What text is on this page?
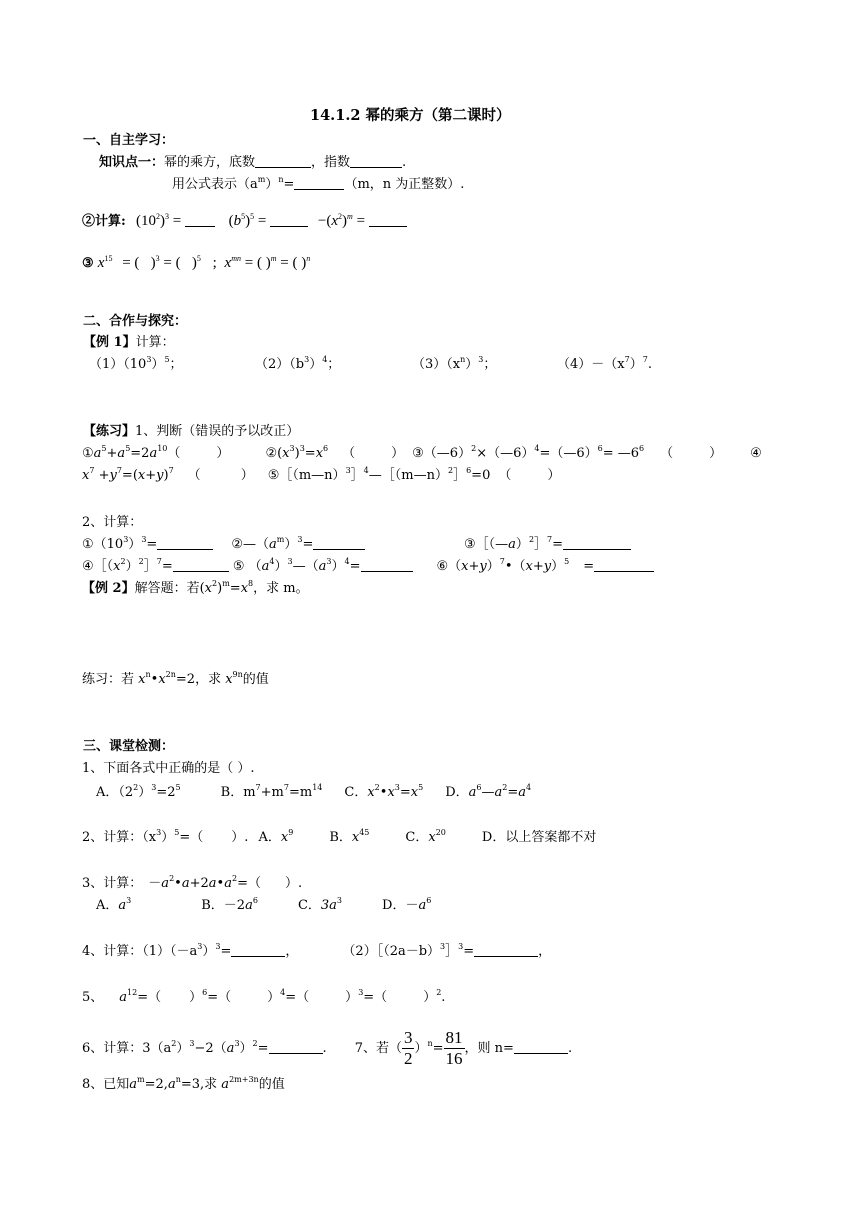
14.1.2 幂的乘方（第二课时）
一、自主学习：
知识点一：幂的乘方，底数	，指数	.
用公式表示$(a^m)^n=$	（m，n 为正整数）.
②计算: $(10^2)^3$ =	$(b^5)^5$ =	$-(x^2)^m$ =
③ $x^{15}$ = (   )$^3$ = (   )$^5$ ; $x^{mn}$ = ( )$^m$ = ( )$^n$
二、合作与探究：
【例 1】计算：
$(1)(10^3)^5$；	$(2)(b^3)^4$；	$(3)(x^n)^3$；	$(4)-(x^7)^7$.
【练习】1、判断（错误的予以改正）
$①a^5+a^5=2a^{10}$（	）	$②(x^3)^3=x^6$ （	） ③（—6）$^2$×（—6）$^4$=（—6）$^6$= $—6^6$ （	） ④
$x^7 +y^7=(x+y)^7$ （	） ⑤［（m—n）$^3$］$^4$—［（m—n）$^2$］$^6$=0 （	）
2、计算：
$①(10^3)^3=$	$②—(a^m)^3=$	③［（—a）$^2$］$^7$=
$④[(x^2)^2]^7=$	⑤ $(a^4)^3—(a^3)^4=$	$⑥(x+y)^7•(x+y)^5$ =
【例 2】解答题：若$(x^2)^m=x^8$，求 m。
练习：若 $x^n•x^{2n}=2$，求 $x^{9n}$的值
三、课堂检测：
1、下面各式中正确的是（ ）.
A．$(2^2)^3=2^5$	B．$m^7+m^7=m^{14}$ C．$x^2•x^3=x^5$ D．$a^6—a^2=a^4$
2、计算：$(x^3)^5=$（ ）. A．$x^9$	B．$x^{45}$	C．$x^{20}$	D．以上答案都不对
3、计算： $-a^2•a+2a•a^2=$（ ）.
A．$a^3$	B．$-2a^6$	C．$3a^3$	D．$-a^6$
4、计算：$(1)(-a^3)^3=$	，	$(2)[(2a-b)^3]^3=$	，
5、 $a^{12}=$（ ）$^6$=（	）$^4$=（	）$^3$=（	）$^2$.
6、计算：$3(a^2)^3-2(a^3)^2=$	. 7、若（ $\frac{3}{2} )^n= \frac{81}{16}$ ，则 n=	.
8、已知$a^m=2,a^n=3$,求 $a^{2m+3n}$的值
